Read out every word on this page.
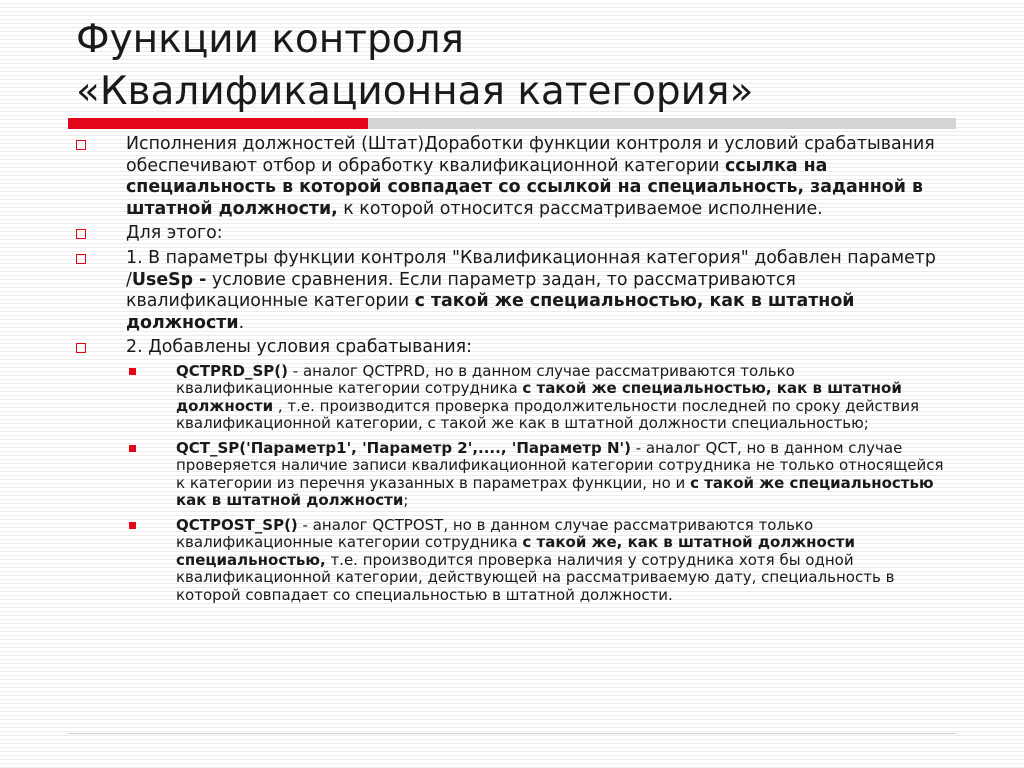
Функции контроля
«Квалификационная категория»
Исполнения должностей (Штат)Доработки функции контроля и условий срабатывания обеспечивают отбор и обработку квалификационной категории ссылка на специальность в которой совпадает со ссылкой на специальность, заданной в штатной должности, к которой относится рассматриваемое исполнение.
Для этого:
1. В параметры функции контроля "Квалификационная категория" добавлен параметр /UseSp - условие сравнения. Если параметр задан, то рассматриваются квалификационные категории с такой же специальностью, как в штатной должности.
2. Добавлены условия срабатывания:
QCTPRD_SP() - аналог QCTPRD, но в данном случае рассматриваются только квалификационные категории сотрудника с такой же специальностью, как в штатной должности , т.е. производится проверка продолжительности последней по сроку действия квалификационной категории, с такой же как в штатной должности специальностью;
QCT_SP('Параметр1', 'Параметр 2',...., 'Параметр N') - аналог QCT, но в данном случае проверяется наличие записи квалификационной категории сотрудника не только относящейся к категории из перечня указанных в параметрах функции, но и с такой же специальностью как в штатной должности;
QCTPOST_SP() - аналог QCTPOST, но в данном случае рассматриваются только квалификационные категории сотрудника с такой же, как в штатной должности специальностью, т.е. производится проверка наличия у сотрудника хотя бы одной квалификационной категории, действующей на рассматриваемую дату, специальность в которой совпадает со специальностью в штатной должности.
